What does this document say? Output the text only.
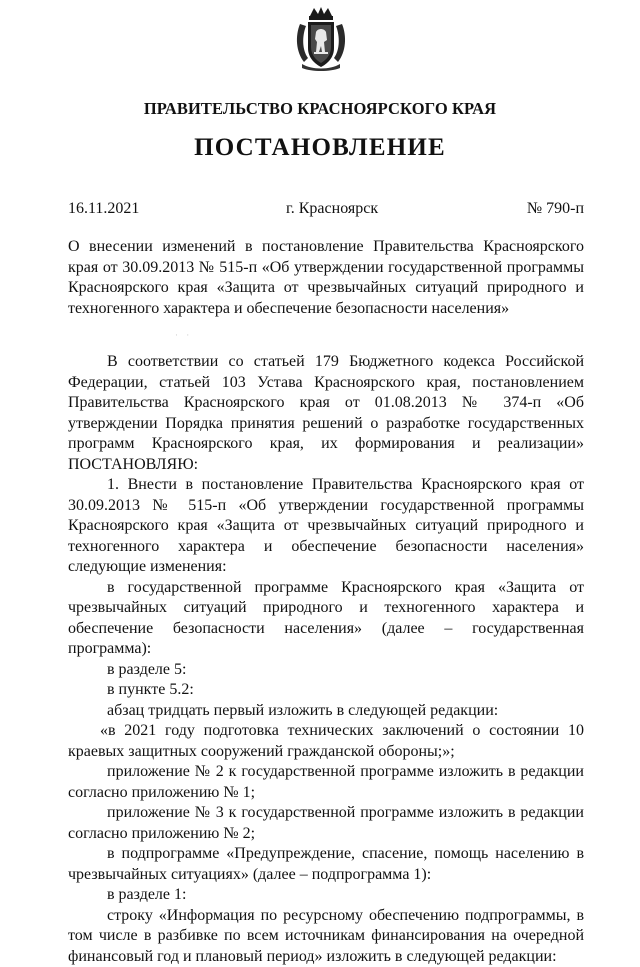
ПРАВИТЕЛЬСТВО КРАСНОЯРСКОГО КРАЯ
ПОСТАНОВЛЕНИЕ
16.11.2021	г. Красноярск	№ 790-п

О внесении изменений в постановление Правительства Красноярского края от 30.09.2013 № 515-п «Об утверждении государственной программы Красноярского края «Защита от чрезвычайных ситуаций природного и техногенного характера и обеспечение безопасности населения»

· ·

В соответствии со статьей 179 Бюджетного кодекса Российской Федерации, статьей 103 Устава Красноярского края, постановлением Правительства Красноярского края от 01.08.2013 № 374-п «Об утверждении Порядка принятия решений о разработке государственных программ Красноярского края, их формирования и реализации» ПОСТАНОВЛЯЮ:

1. Внести в постановление Правительства Красноярского края от 30.09.2013 № 515-п «Об утверждении государственной программы Красноярского края «Защита от чрезвычайных ситуаций природного и техногенного характера и обеспечение безопасности населения» следующие изменения:

в государственной программе Красноярского края «Защита от чрезвычайных ситуаций природного и техногенного характера и обеспечение безопасности населения» (далее – государственная программа):

в разделе 5:

в пункте 5.2:

абзац тридцать первый изложить в следующей редакции:

«в 2021 году подготовка технических заключений о состоянии 10 краевых защитных сооружений гражданской обороны;»;

приложение № 2 к государственной программе изложить в редакции согласно приложению № 1;

приложение № 3 к государственной программе изложить в редакции согласно приложению № 2;

в подпрограмме «Предупреждение, спасение, помощь населению в чрезвычайных ситуациях» (далее – подпрограмма 1):

в разделе 1:

строку «Информация по ресурсному обеспечению подпрограммы, в том числе в разбивке по всем источникам финансирования на очередной финансовый год и плановый период» изложить в следующей редакции:
